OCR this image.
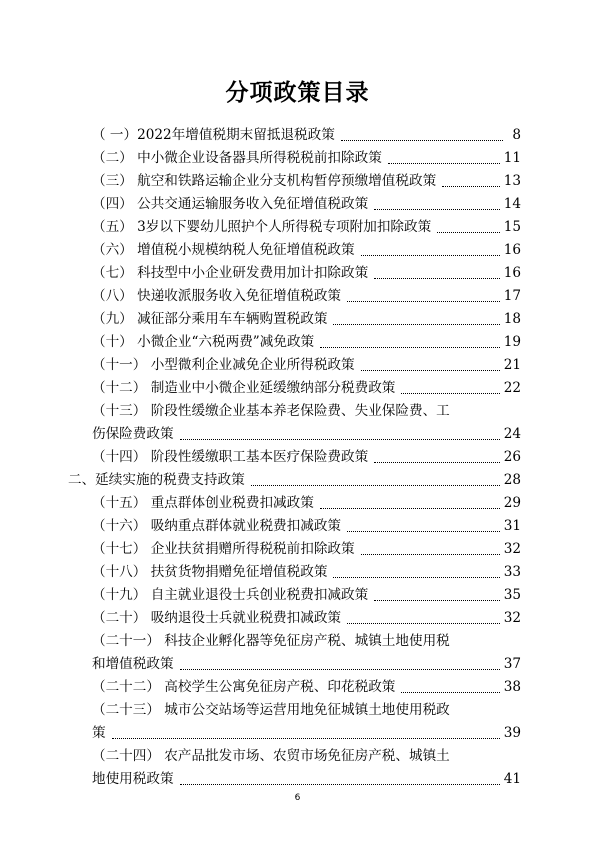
分项政策目录
（ 一）2022年增值税期末留抵退税政策	8
（二） 中小微企业设备器具所得税税前扣除政策	11
（三） 航空和铁路运输企业分支机构暂停预缴增值税政策	13
（四） 公共交通运输服务收入免征增值税政策	14
（五） 3岁以下婴幼儿照护个人所得税专项附加扣除政策	15
（六） 增值税小规模纳税人免征增值税政策	16
（七） 科技型中小企业研发费用加计扣除政策	16
（八） 快递收派服务收入免征增值税政策	17
（九） 减征部分乘用车车辆购置税政策	18
（十） 小微企业“六税两费”减免政策	19
（十一） 小型微利企业减免企业所得税政策	21
（十二） 制造业中小微企业延缓缴纳部分税费政策	22
（十三） 阶段性缓缴企业基本养老保险费、失业保险费、工
伤保险费政策	24
（十四） 阶段性缓缴职工基本医疗保险费政策	26
二、延续实施的税费支持政策	28
（十五） 重点群体创业税费扣减政策	29
（十六） 吸纳重点群体就业税费扣减政策	31
（十七） 企业扶贫捐赠所得税税前扣除政策	32
（十八） 扶贫货物捐赠免征增值税政策	33
（十九） 自主就业退役士兵创业税费扣减政策	35
（二十） 吸纳退役士兵就业税费扣减政策	32
（二十一） 科技企业孵化器等免征房产税、城镇土地使用税
和增值税政策	37
（二十二） 高校学生公寓免征房产税、印花税政策	38
（二十三） 城市公交站场等运营用地免征城镇土地使用税政
策	39
（二十四） 农产品批发市场、农贸市场免征房产税、城镇土
地使用税政策	41
6
